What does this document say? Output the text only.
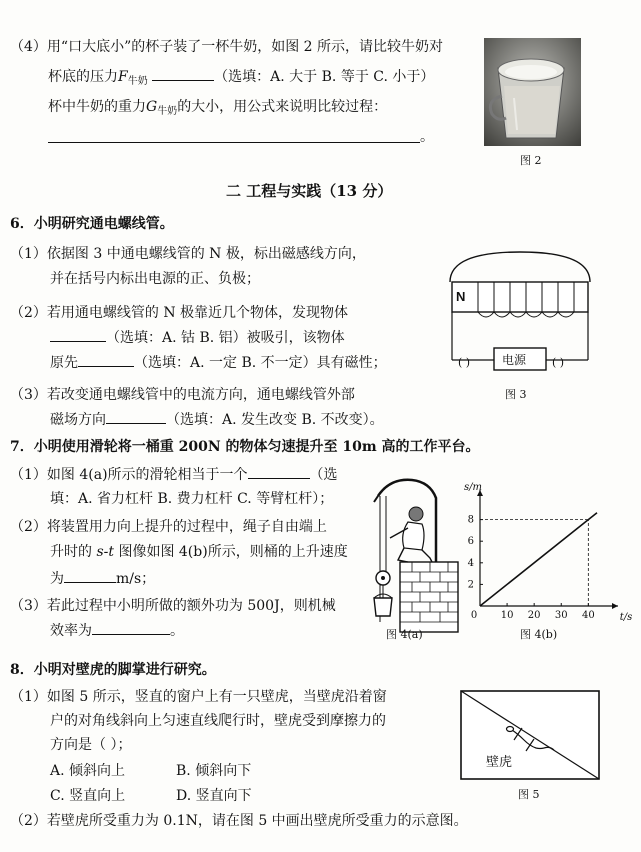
（4）用“口大底小”的杯子装了一杯牛奶，如图 2 所示，请比较牛奶对
杯底的压力$F_{牛奶}$	（选填：A. 大于 B. 等于 C. 小于）
杯中牛奶的重力$G_{牛奶}$的大小，用公式来说明比较过程：
。
图 2
二 工程与实践（13 分）
6．小明研究通电螺线管。
（1）依据图 3 中通电螺线管的 N 极，标出磁感线方向，
并在括号内标出电源的正、负极；
（2）若用通电螺线管的 N 极靠近几个物体，发现物体
（选填：A. 钴 B. 铝）被吸引，该物体
原先	（选填：A. 一定 B. 不一定）具有磁性；
（3）若改变通电螺线管中的电流方向，通电螺线管外部
磁场方向	（选填：A. 发生改变 B. 不改变）。
N
电源
( )	( )
图 3
7．小明使用滑轮将一桶重 200N 的物体匀速提升至 10m 高的工作平台。
（1）如图 4(a)所示的滑轮相当于一个	（选
填：A. 省力杠杆 B. 费力杠杆 C. 等臂杠杆）；
（2）将装置用力向上提升的过程中，绳子自由端上
升时的 s-t 图像如图 4(b)所示，则桶的上升速度
为	m/s；
（3）若此过程中小明所做的额外功为 500J，则机械
效率为	。	图 4(a)
s/m
t/s
0 10 20 30 40
2
4
6
8
图 4(b)
8．小明对壁虎的脚掌进行研究。
（1）如图 5 所示，竖直的窗户上有一只壁虎，当壁虎沿着窗
户的对角线斜向上匀速直线爬行时，壁虎受到摩擦力的
方向是（ ）；
A. 倾斜向上	B. 倾斜向下
C. 竖直向上	D. 竖直向下
（2）若壁虎所受重力为 0.1N，请在图 5 中画出壁虎所受重力的示意图。
壁虎
图 5
